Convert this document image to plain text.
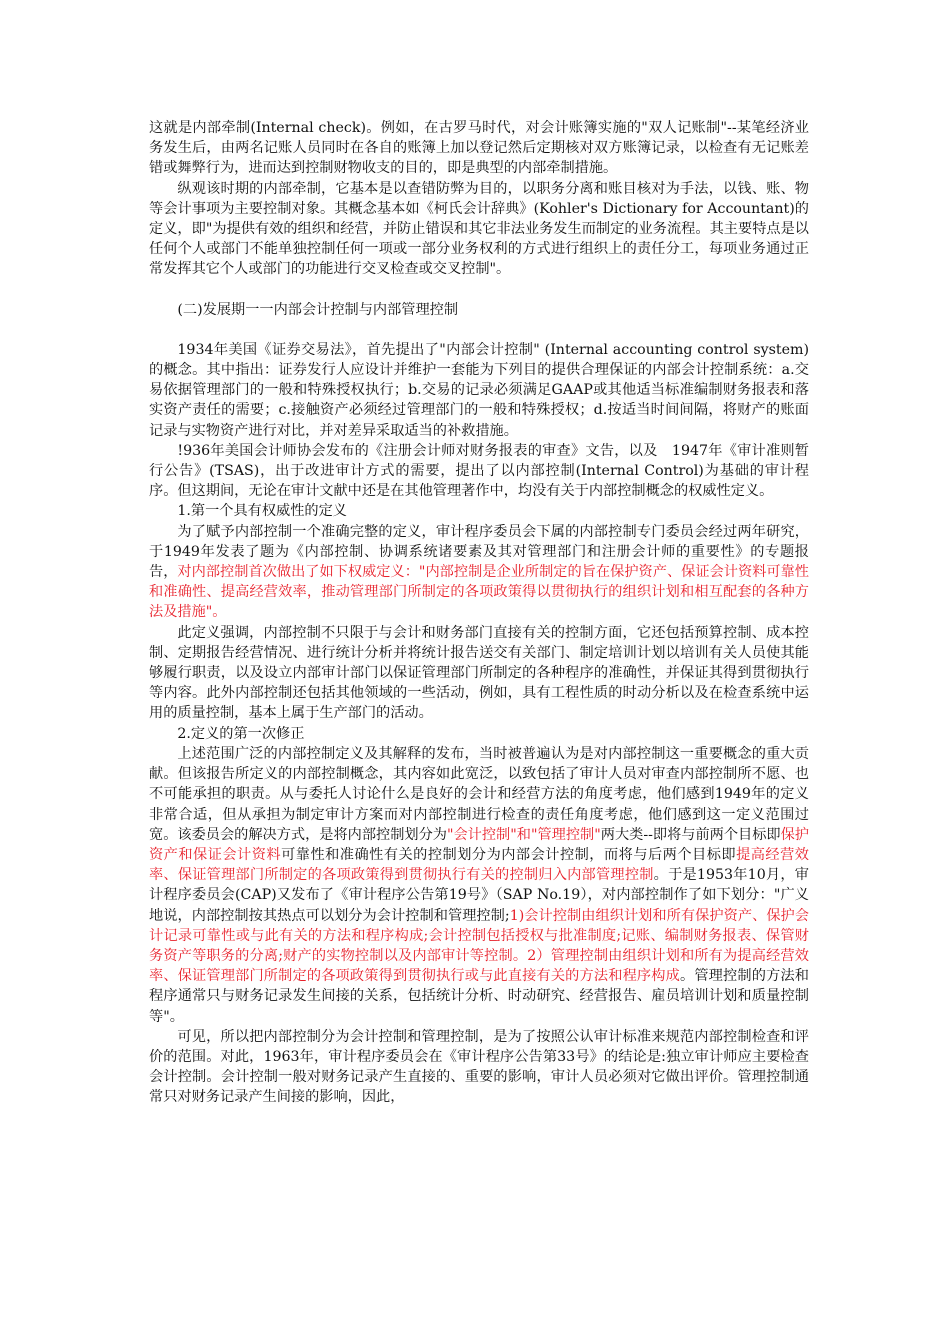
这就是内部牵制(Internal check)。例如，在古罗马时代，对会计账簿实施的"双人记账制"--某笔经济业务发生后，由两名记账人员同时在各自的账簿上加以登记然后定期核对双方账簿记录，以检查有无记账差错或舞弊行为，进而达到控制财物收支的目的，即是典型的内部牵制措施。

纵观该时期的内部牵制，它基本是以查错防弊为目的，以职务分离和账目核对为手法，以钱、账、物等会计事项为主要控制对象。其概念基本如《柯氏会计辞典》(Kohler's Dictionary for Accountant)的定义，即"为提供有效的组织和经营，并防止错误和其它非法业务发生而制定的业务流程。其主要特点是以任何个人或部门不能单独控制任何一项或一部分业务权利的方式进行组织上的责任分工，每项业务通过正常发挥其它个人或部门的功能进行交叉检查或交叉控制"。

(二)发展期一一内部会计控制与内部管理控制

1934年美国《证券交易法》，首先提出了"内部会计控制" (Internal accounting control system)的概念。其中指出：证券发行人应设计并维护一套能为下列目的提供合理保证的内部会计控制系统：a.交易依据管理部门的一般和特殊授权执行；b.交易的记录必须满足GAAP或其他适当标准编制财务报表和落实资产责任的需要；c.接触资产必须经过管理部门的一般和特殊授权；d.按适当时间间隔，将财产的账面记录与实物资产进行对比，并对差异采取适当的补救措施。

!936年美国会计师协会发布的《注册会计师对财务报表的审查》文告，以及　1947年《审计准则暂行公告》(TSAS)，出于改进审计方式的需要，提出了以内部控制(Internal Control)为基础的审计程序。但这期间，无论在审计文献中还是在其他管理著作中，均没有关于内部控制概念的权威性定义。

1.第一个具有权威性的定义

为了赋予内部控制一个准确完整的定义，审计程序委员会下属的内部控制专门委员会经过两年研究，于1949年发表了题为《内部控制、协调系统诸要素及其对管理部门和注册会计师的重要性》的专题报告，对内部控制首次做出了如下权威定义："内部控制是企业所制定的旨在保护资产、保证会计资料可靠性和准确性、提高经营效率，推动管理部门所制定的各项政策得以贯彻执行的组织计划和相互配套的各种方法及措施"。

此定义强调，内部控制不只限于与会计和财务部门直接有关的控制方面，它还包括预算控制、成本控制、定期报告经营情况、进行统计分析并将统计报告送交有关部门、制定培训计划以培训有关人员使其能够履行职责，以及设立内部审计部门以保证管理部门所制定的各种程序的准确性，并保证其得到贯彻执行等内容。此外内部控制还包括其他领域的一些活动，例如，具有工程性质的时动分析以及在检查系统中运用的质量控制，基本上属于生产部门的活动。

2.定义的第一次修正

上述范围广泛的内部控制定义及其解释的发布，当时被普遍认为是对内部控制这一重要概念的重大贡献。但该报告所定义的内部控制概念，其内容如此宽泛，以致包括了审计人员对审查内部控制所不愿、也不可能承担的职责。从与委托人讨论什么是良好的会计和经营方法的角度考虑，他们感到1949年的定义非常合适，但从承担为制定审计方案而对内部控制进行检查的责任角度考虑，他们感到这一定义范围过宽。该委员会的解决方式，是将内部控制划分为"会计控制"和"管理控制"两大类--即将与前两个目标即保护资产和保证会计资料可靠性和准确性有关的控制划分为内部会计控制，而将与后两个目标即提高经营效率、保证管理部门所制定的各项政策得到贯彻执行有关的控制归入内部管理控制。于是1953年10月，审计程序委员会(CAP)又发布了《审计程序公告第19号》（SAP No.19），对内部控制作了如下划分："广义地说，内部控制按其热点可以划分为会计控制和管理控制;1)会计控制由组织计划和所有保护资产、保护会计记录可靠性或与此有关的方法和程序构成;会计控制包括授权与批准制度;记账、编制财务报表、保管财务资产等职务的分离;财产的实物控制以及内部审计等控制。2）管理控制由组织计划和所有为提高经营效率、保证管理部门所制定的各项政策得到贯彻执行或与此直接有关的方法和程序构成。管理控制的方法和程序通常只与财务记录发生间接的关系，包括统计分析、时动研究、经营报告、雇员培训计划和质量控制等"。

可见，所以把内部控制分为会计控制和管理控制，是为了按照公认审计标准来规范内部控制检查和评价的范围。对此，1963年，审计程序委员会在《审计程序公告第33号》的结论是:独立审计师应主要检查会计控制。会计控制一般对财务记录产生直接的、重要的影响，审计人员必须对它做出评价。管理控制通常只对财务记录产生间接的影响，因此，
